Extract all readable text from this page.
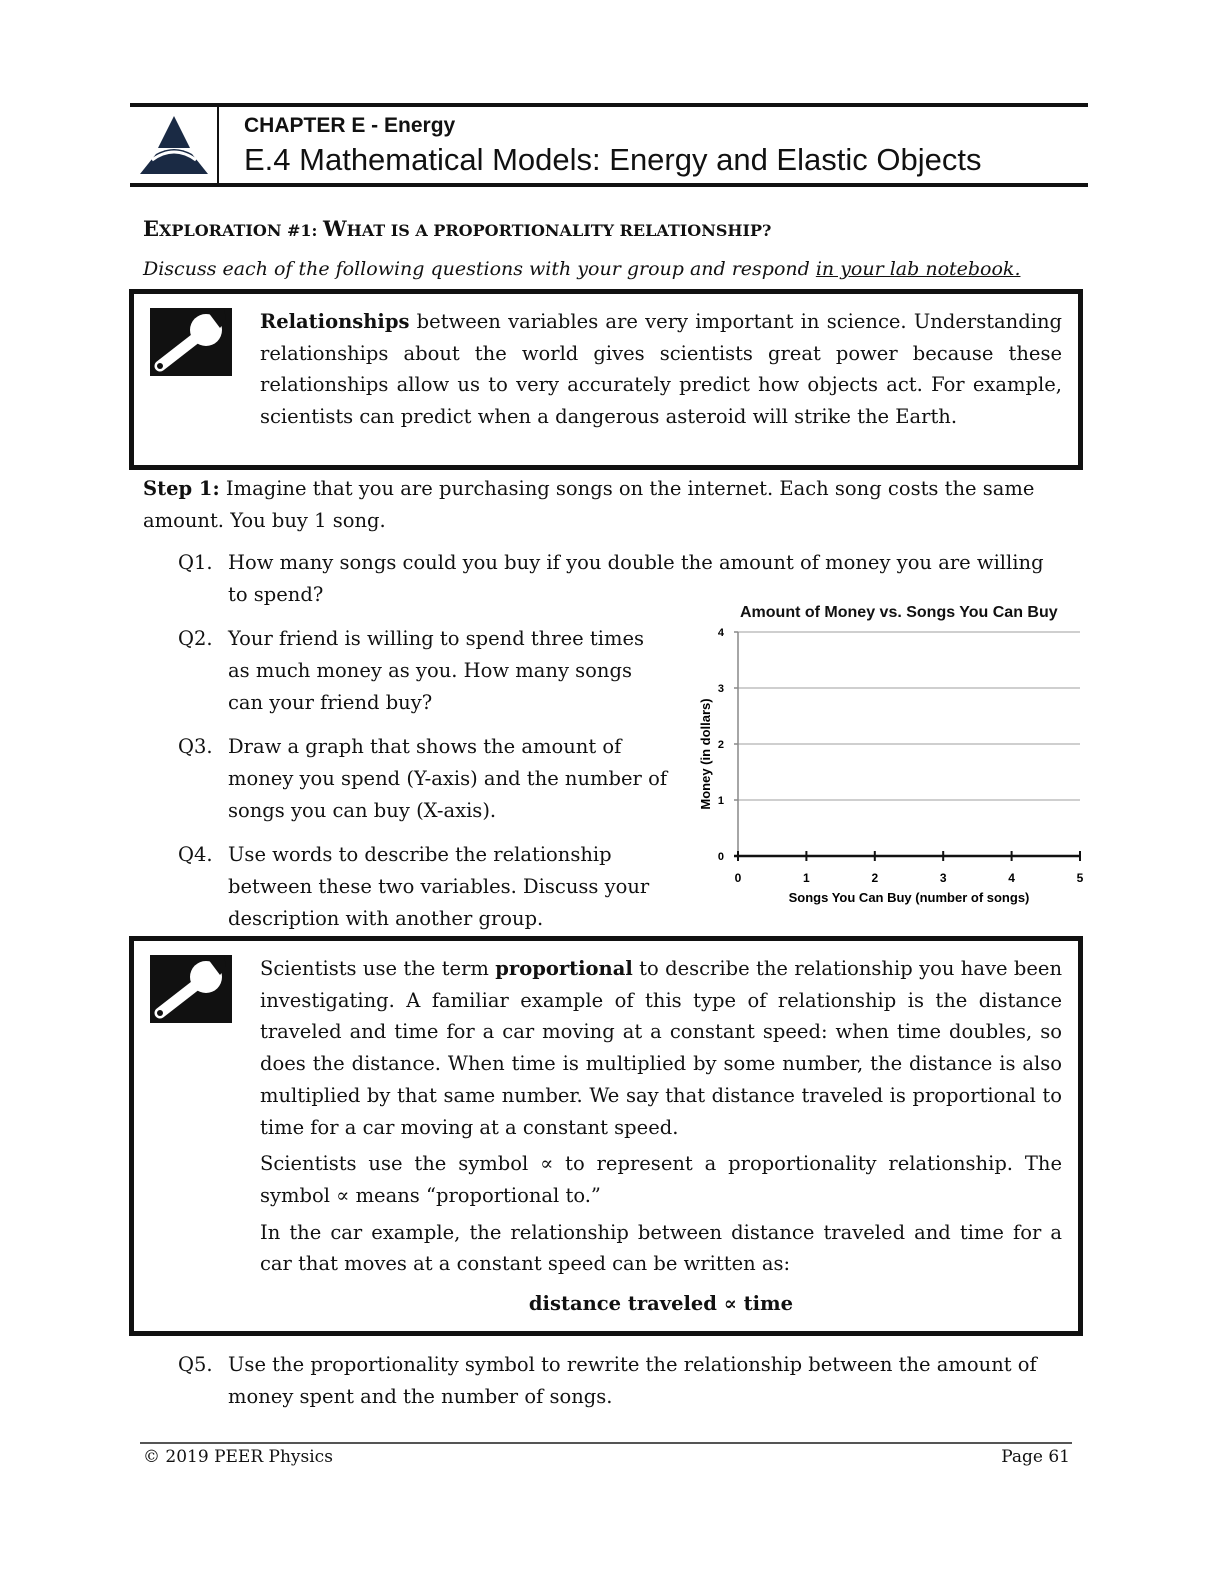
CHAPTER E - Energy
E.4 Mathematical Models: Energy and Elastic Objects
EXPLORATION #1: WHAT IS A PROPORTIONALITY RELATIONSHIP?
Discuss each of the following questions with your group and respond in your lab notebook.
Relationships between variables are very important in science. Understanding relationships about the world gives scientists great power because these relationships allow us to very accurately predict how objects act. For example, scientists can predict when a dangerous asteroid will strike the Earth.
Step 1: Imagine that you are purchasing songs on the internet. Each song costs the same amount. You buy 1 song.
Q1. How many songs could you buy if you double the amount of money you are willing to spend?
Q2. Your friend is willing to spend three times as much money as you. How many songs can your friend buy?
Q3. Draw a graph that shows the amount of money you spend (Y-axis) and the number of songs you can buy (X-axis).
Q4. Use words to describe the relationship between these two variables. Discuss your description with another group.
Amount of Money vs. Songs You Can Buy
0
1
2
3
4
0	1	2	3	4	5
Songs You Can Buy (number of songs)
Money (in dollars)

Scientists use the term proportional to describe the relationship you have been investigating. A familiar example of this type of relationship is the distance traveled and time for a car moving at a constant speed: when time doubles, so does the distance. When time is multiplied by some number, the distance is also multiplied by that same number. We say that distance traveled is proportional to time for a car moving at a constant speed.

Scientists use the symbol ∝ to represent a proportionality relationship. The symbol ∝ means “proportional to.”

In the car example, the relationship between distance traveled and time for a car that moves at a constant speed can be written as:

distance traveled ∝ time

Q5. Use the proportionality symbol to rewrite the relationship between the amount of money spent and the number of songs.
© 2019 PEER Physics	Page 61
